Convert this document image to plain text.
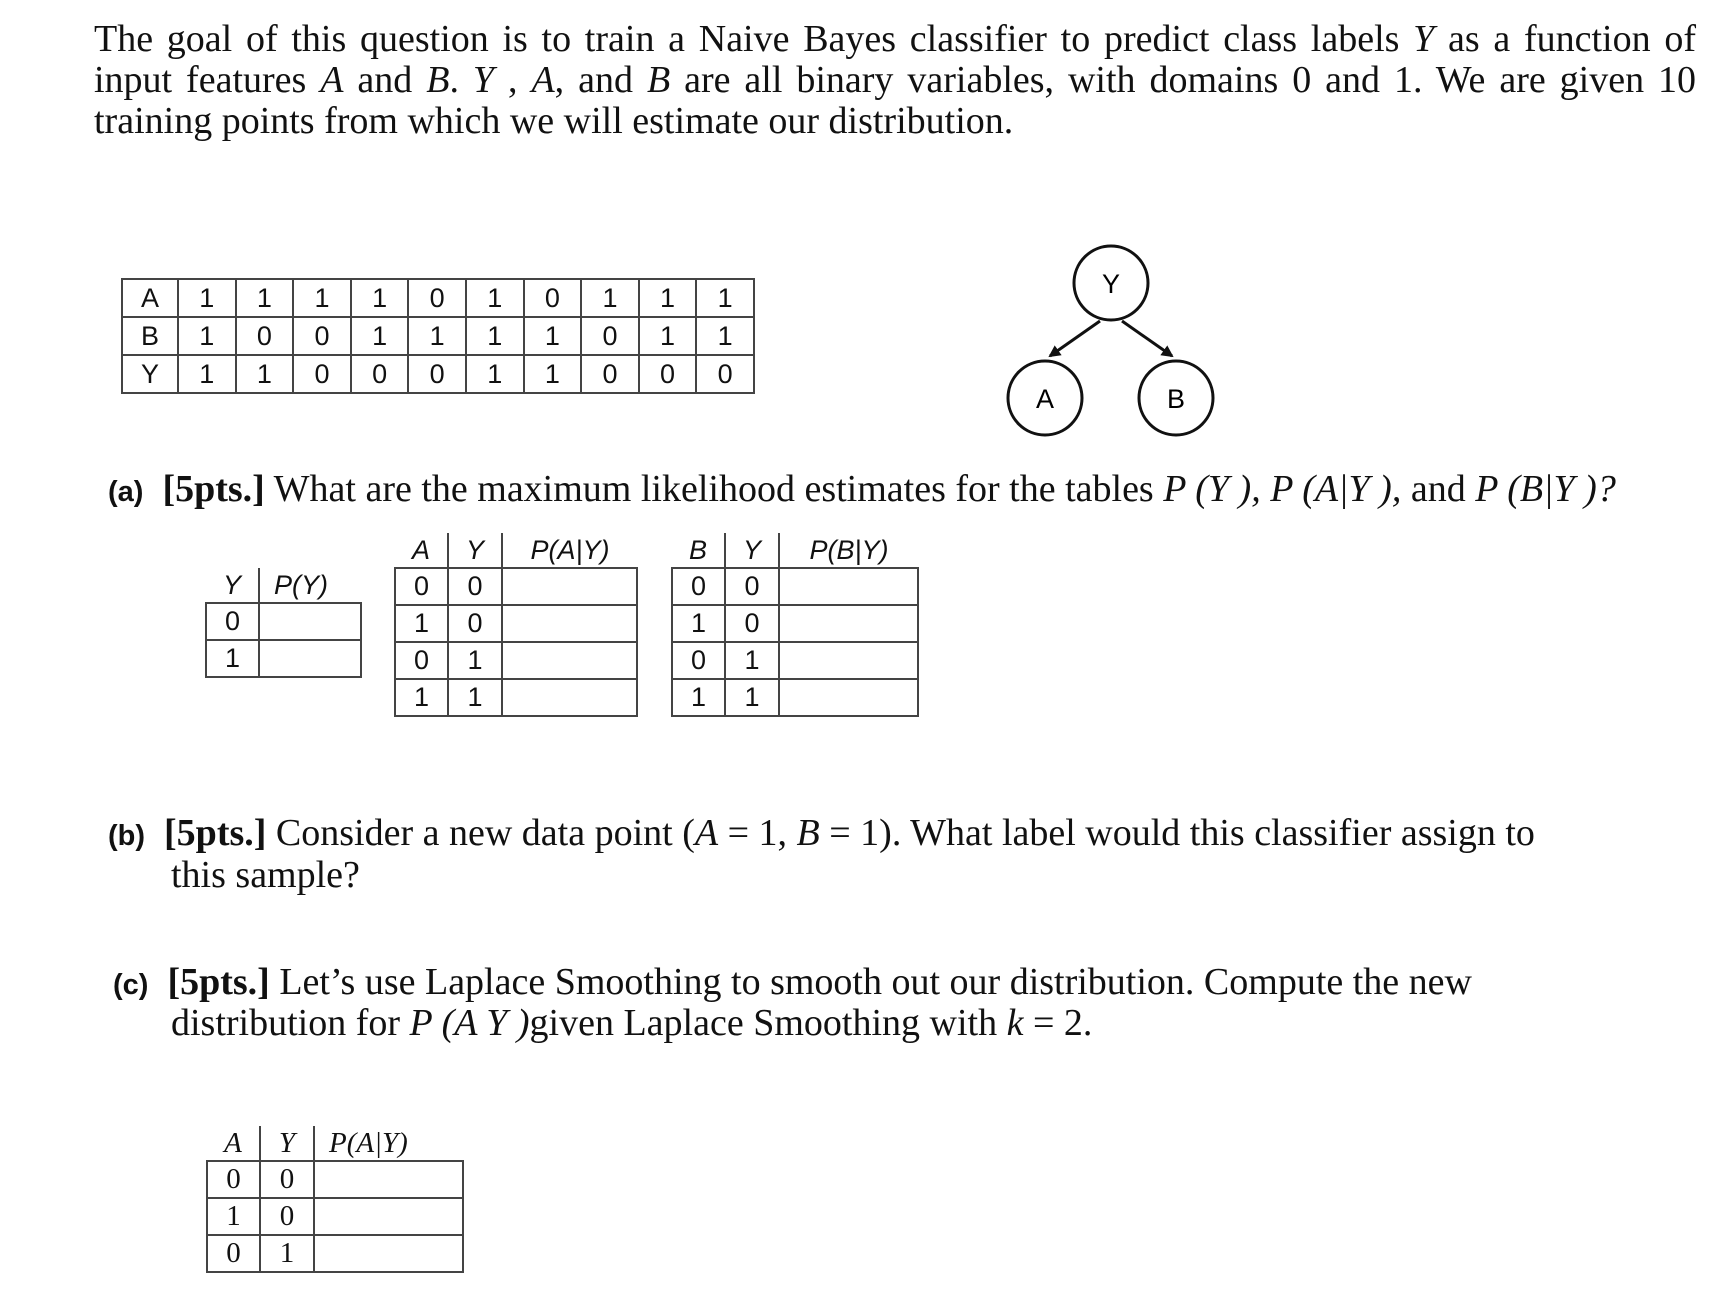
The goal of this question is to train a Naive Bayes classifier to predict class labels Y as a function of input features A and B. Y , A, and B are all binary variables, with domains 0 and 1. We are given 10 training points from which we will estimate our distribution.
A	1	1	1	1	0	1	0	1	1	1
B	1	0	0	1	1	1	1	0	1	1
Y	1	1	0	0	0	1	1	0	0	0
Y
A	B
(a) [5pts.] What are the maximum likelihood estimates for the tables P (Y ), P (A|Y ), and P (B|Y )?
Y	P(Y)
0	
1	
A	Y	P(A|Y)
0	0	
1	0	
0	1	
1	1	
B	Y	P(B|Y)
0	0	
1	0	
0	1	
1	1	
(b) [5pts.] Consider a new data point (A = 1, B = 1). What label would this classifier assign to
this sample?
(c) [5pts.] Let’s use Laplace Smoothing to smooth out our distribution. Compute the new
distribution for P (A Y )given Laplace Smoothing with k = 2.
A	Y	P(A|Y)
0	0	
1	0	
0	1	
